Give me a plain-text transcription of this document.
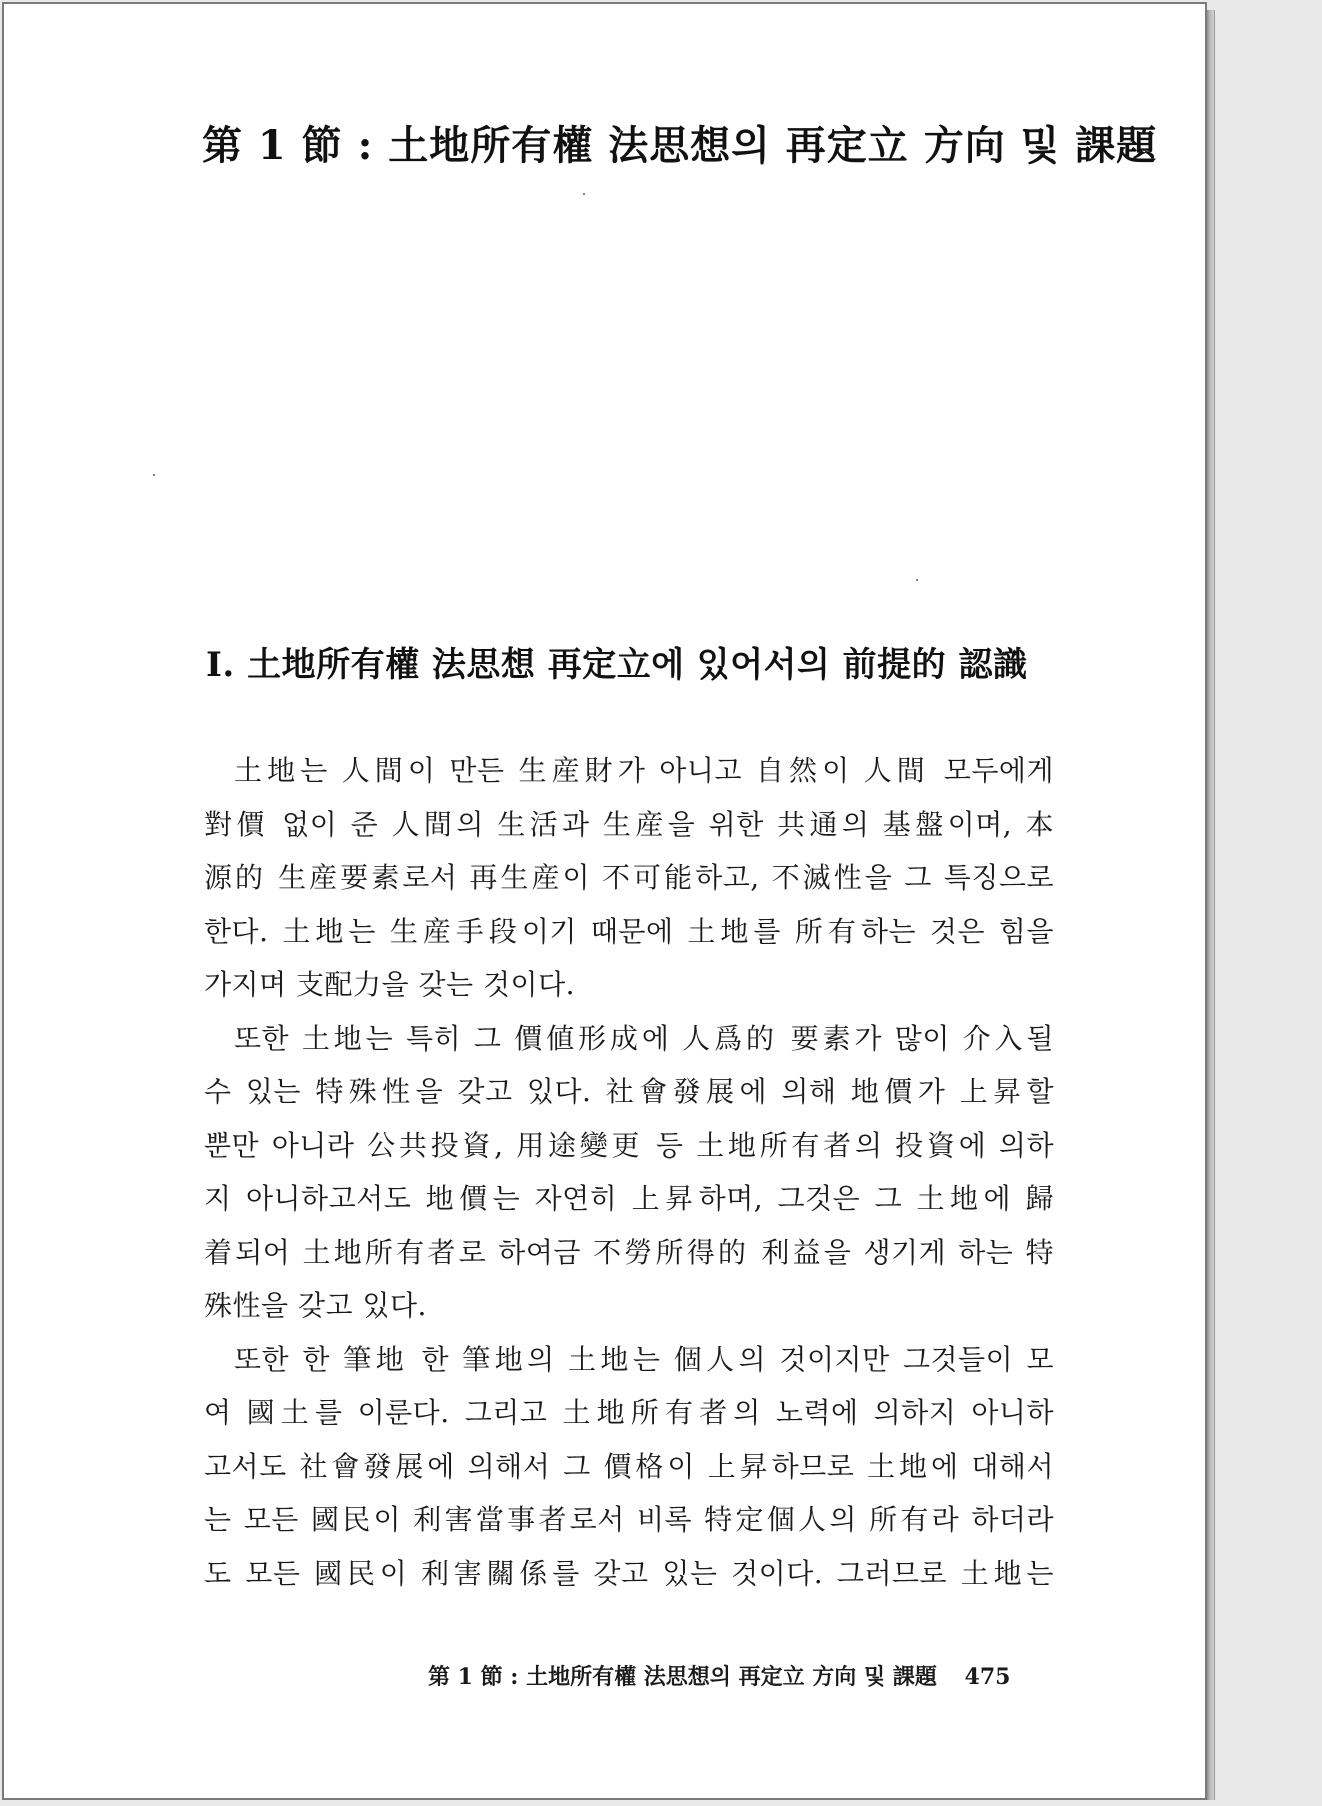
第 1 節 : 土地所有權 法思想의 再定立 方向 및 課題
Ⅰ. 土地所有權 法思想 再定立에 있어서의 前提的 認識
土地는 人間이 만든 生産財가 아니고 自然이 人間 모두에게
對價 없이 준 人間의 生活과 生産을 위한 共通의 基盤이며, 本
源的 生産要素로서 再生産이 不可能하고, 不滅性을 그 특징으로
한다. 土地는 生産手段이기 때문에 土地를 所有하는 것은 힘을
가지며 支配力을 갖는 것이다.
또한 土地는 특히 그 價値形成에 人爲的 要素가 많이 介入될
수 있는 特殊性을 갖고 있다. 社會發展에 의해 地價가 上昇할
뿐만 아니라 公共投資, 用途變更 등 土地所有者의 投資에 의하
지 아니하고서도 地價는 자연히 上昇하며, 그것은 그 土地에 歸
着되어 土地所有者로 하여금 不勞所得的 利益을 생기게 하는 特
殊性을 갖고 있다.
또한 한 筆地 한 筆地의 土地는 個人의 것이지만 그것들이 모
여 國土를 이룬다. 그리고 土地所有者의 노력에 의하지 아니하
고서도 社會發展에 의해서 그 價格이 上昇하므로 土地에 대해서
는 모든 國民이 利害當事者로서 비록 特定個人의 所有라 하더라
도 모든 國民이 利害關係를 갖고 있는 것이다. 그러므로 土地는
第 1 節 : 土地所有權 法思想의 再定立 方向 및 課題 475
